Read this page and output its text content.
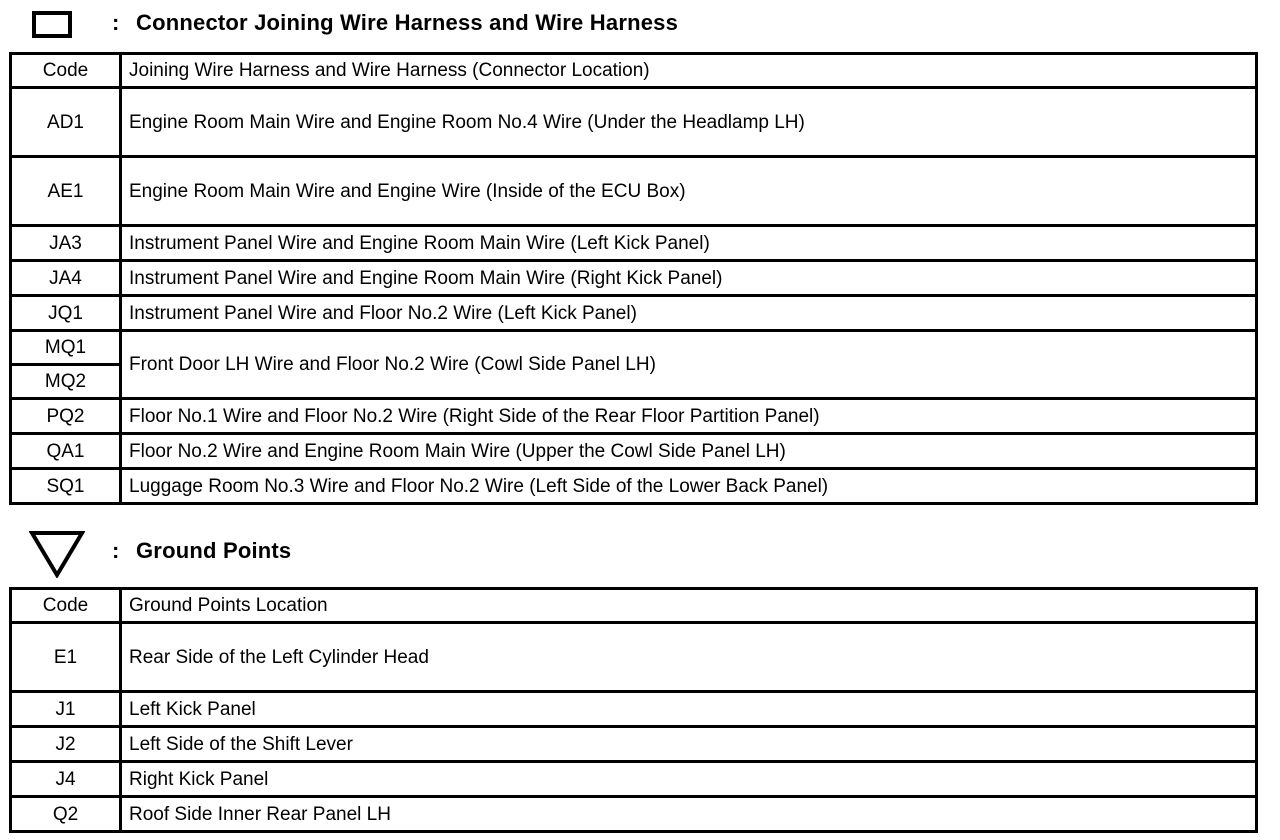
: Connector Joining Wire Harness and Wire Harness
Code	Joining Wire Harness and Wire Harness (Connector Location)
AD1	Engine Room Main Wire and Engine Room No.4 Wire (Under the Headlamp LH)
AE1	Engine Room Main Wire and Engine Wire (Inside of the ECU Box)
JA3	Instrument Panel Wire and Engine Room Main Wire (Left Kick Panel)
JA4	Instrument Panel Wire and Engine Room Main Wire (Right Kick Panel)
JQ1	Instrument Panel Wire and Floor No.2 Wire (Left Kick Panel)
MQ1	Front Door LH Wire and Floor No.2 Wire (Cowl Side Panel LH)
MQ2	
PQ2	Floor No.1 Wire and Floor No.2 Wire (Right Side of the Rear Floor Partition Panel)
QA1	Floor No.2 Wire and Engine Room Main Wire (Upper the Cowl Side Panel LH)
SQ1	Luggage Room No.3 Wire and Floor No.2 Wire (Left Side of the Lower Back Panel)
: Ground Points
Code	Ground Points Location
E1	Rear Side of the Left Cylinder Head
J1	Left Kick Panel
J2	Left Side of the Shift Lever
J4	Right Kick Panel
Q2	Roof Side Inner Rear Panel LH
